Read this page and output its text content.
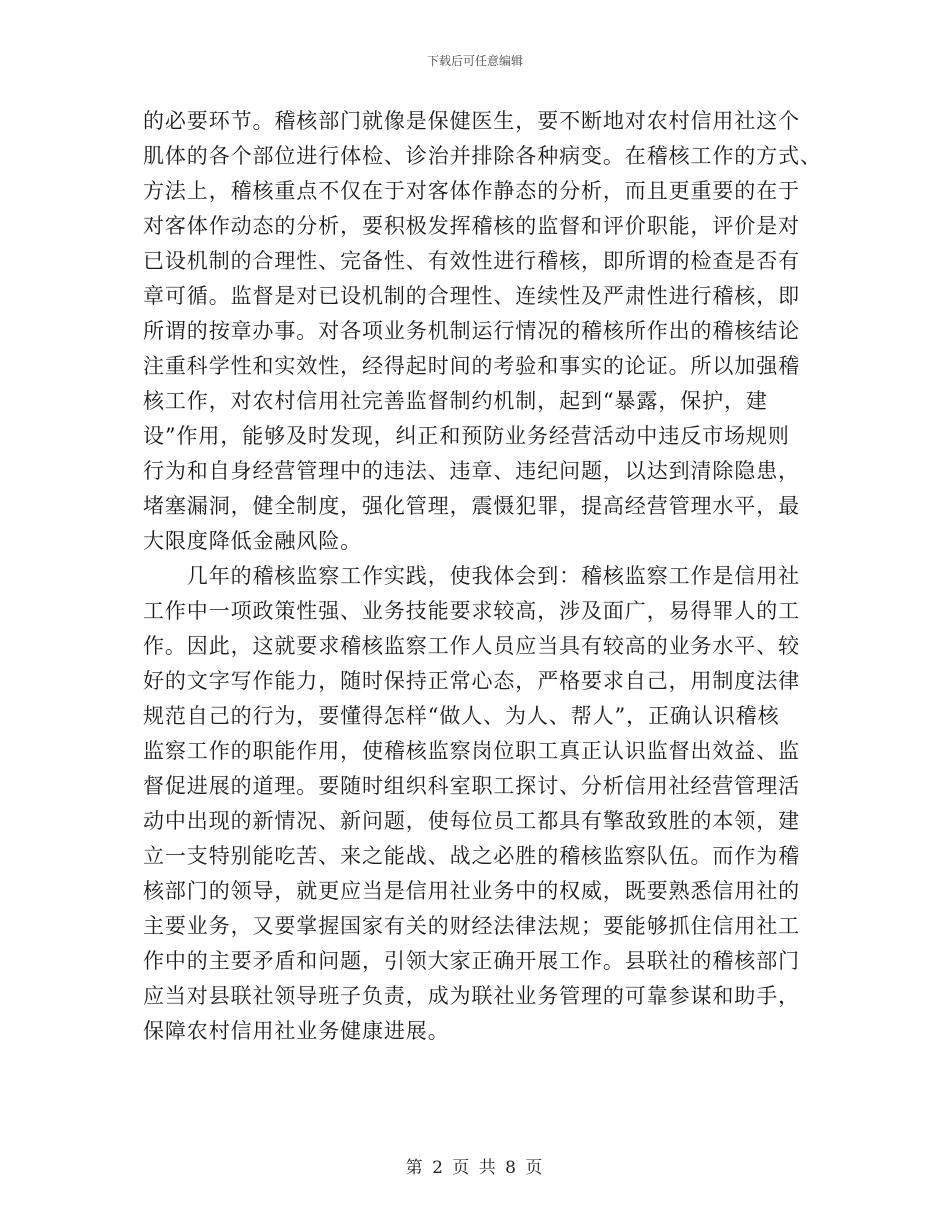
下载后可任意编辑
的必要环节。稽核部门就像是保健医生，要不断地对农村信用社这个
肌体的各个部位进行体检、诊治并排除各种病变。在稽核工作的方式、
方法上，稽核重点不仅在于对客体作静态的分析，而且更重要的在于
对客体作动态的分析，要积极发挥稽核的监督和评价职能，评价是对
已设机制的合理性、完备性、有效性进行稽核，即所谓的检查是否有
章可循。监督是对已设机制的合理性、连续性及严肃性进行稽核，即
所谓的按章办事。对各项业务机制运行情况的稽核所作出的稽核结论
注重科学性和实效性，经得起时间的考验和事实的论证。所以加强稽
核工作，对农村信用社完善监督制约机制，起到“暴露，保护，建
设”作用，能够及时发现，纠正和预防业务经营活动中违反市场规则
行为和自身经营管理中的违法、违章、违纪问题，以达到清除隐患，
堵塞漏洞，健全制度，强化管理，震慑犯罪，提高经营管理水平，最
大限度降低金融风险。
　　几年的稽核监察工作实践，使我体会到：稽核监察工作是信用社
工作中一项政策性强、业务技能要求较高，涉及面广，易得罪人的工
作。因此，这就要求稽核监察工作人员应当具有较高的业务水平、较
好的文字写作能力，随时保持正常心态，严格要求自己，用制度法律
规范自己的行为，要懂得怎样“做人、为人、帮人”，正确认识稽核
监察工作的职能作用，使稽核监察岗位职工真正认识监督出效益、监
督促进展的道理。要随时组织科室职工探讨、分析信用社经营管理活
动中出现的新情况、新问题，使每位员工都具有擎敌致胜的本领，建
立一支特别能吃苦、来之能战、战之必胜的稽核监察队伍。而作为稽
核部门的领导，就更应当是信用社业务中的权威，既要熟悉信用社的
主要业务，又要掌握国家有关的财经法律法规；要能够抓住信用社工
作中的主要矛盾和问题，引领大家正确开展工作。县联社的稽核部门
应当对县联社领导班子负责，成为联社业务管理的可靠参谋和助手，
保障农村信用社业务健康进展。
第 2 页 共 8 页
